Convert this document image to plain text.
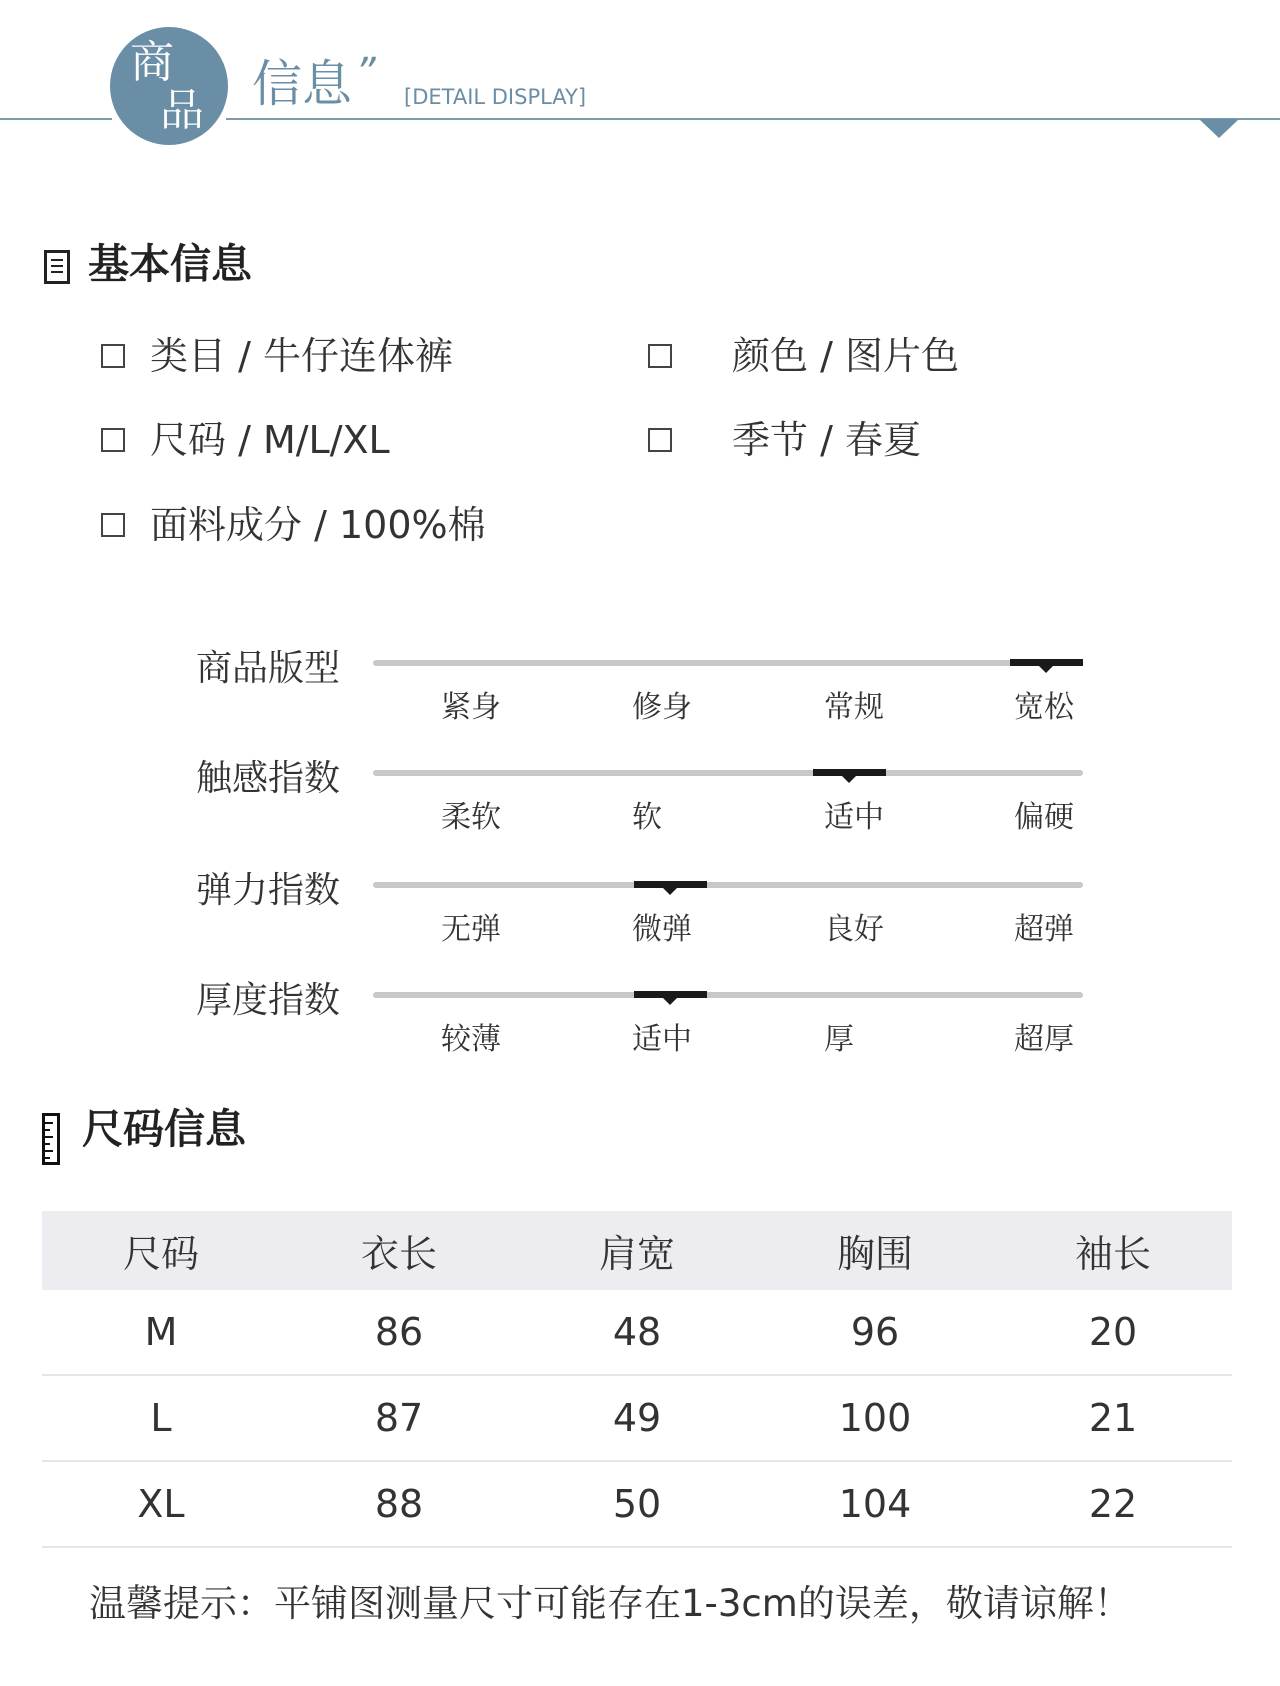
商
品 信息 ”
[DETAIL DISPLAY]
基本信息
类目 / 牛仔连体裤	颜色 / 图片色
尺码 / M/L/XL	季节 / 春夏
面料成分 / 100%棉
商品版型
紧身	修身	常规	宽松
触感指数
柔软	软	适中	偏硬
弹力指数
无弹	微弹	良好	超弹
厚度指数
较薄	适中	厚	超厚
尺码信息
尺码	衣长	肩宽	胸围	袖长
M	86	48	96	20
L	87	49	100	21
XL	88	50	104	22
温馨提示：平铺图测量尺寸可能存在1-3cm的误差，敬请谅解！
